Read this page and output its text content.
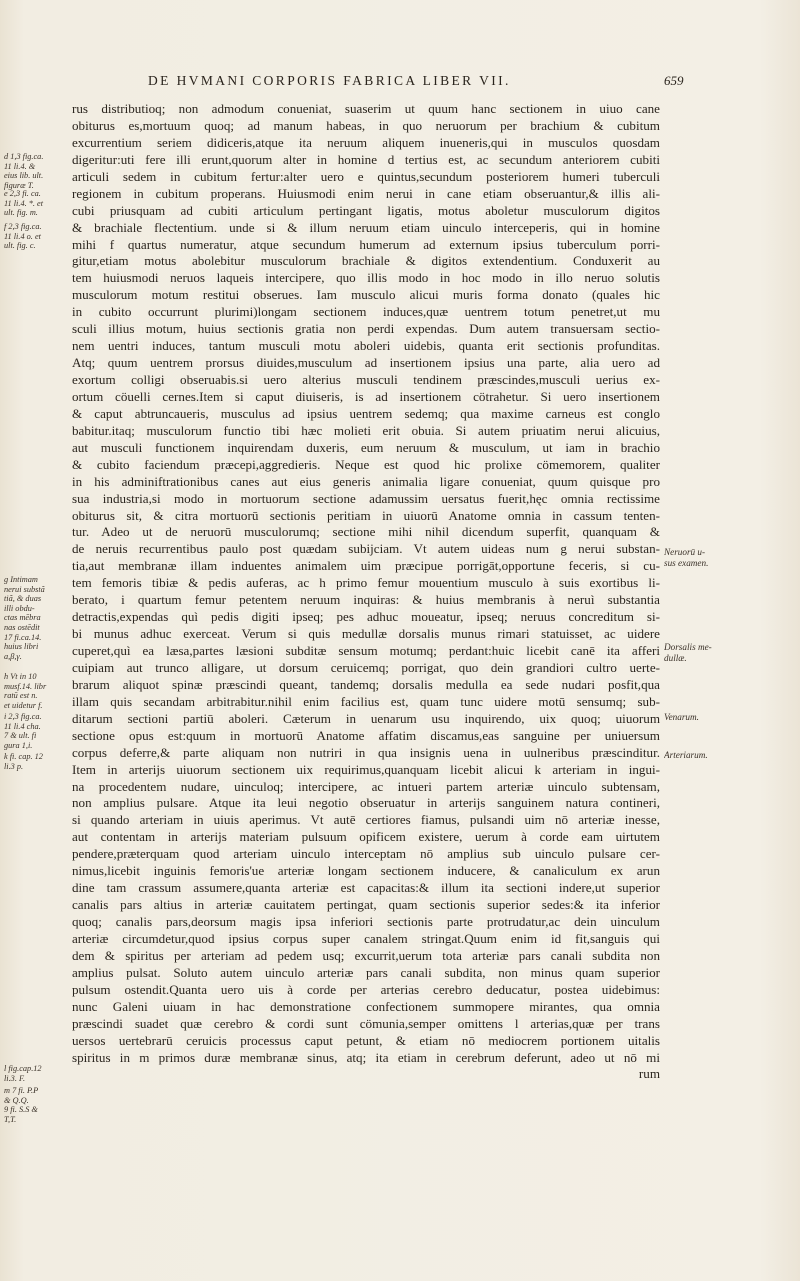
DE HVMANI CORPORIS FABRICA LIBER VII.	659
rus distributioq; non admodum conueniat, suaserim ut quum hanc sectionem in uiuo cane
obiturus es,mortuum quoq; ad manum habeas, in quo neruorum per brachium & cubitum
excurrentium seriem didiceris,atque ita neruum aliquem inueneris,qui in musculos quosdam
digeritur:uti fere illi erunt,quorum alter in homine d tertius est, ac secundum anteriorem cubiti
articuli sedem in cubitum fertur:alter uero e quintus,secundum posteriorem humeri tuberculi
regionem in cubitum properans. Huiusmodi enim nerui in cane etiam obseruantur,& illis ali-
cubi priusquam ad cubiti articulum pertingant ligatis, motus aboletur musculorum digitos
& brachiale flectentium. unde si & illum neruum etiam uinculo interceperis, qui in homine
mihi f quartus numeratur, atque secundum humerum ad externum ipsius tuberculum porri-
gitur,etiam motus abolebitur musculorum brachiale & digitos extendentium. Conduxerit au
tem huiusmodi neruos laqueis intercipere, quo illis modo in hoc modo in illo neruo solutis
musculorum motum restitui obserues. Iam musculo alicui muris forma donato (quales hic
in cubito occurrunt plurimi)longam sectionem induces,quæ uentrem totum penetret,ut mu
sculi illius motum, huius sectionis gratia non perdi expendas. Dum autem transuersam sectio-
nem uentri induces, tantum musculi motu aboleri uidebis, quanta erit sectionis profunditas.
Atq; quum uentrem prorsus diuides,musculum ad insertionem ipsius una parte, alia uero ad
exortum colligi obseruabis.si uero alterius musculi tendinem præscindes,musculi uerius ex-
ortum cöuelli cernes.Item si caput diuiseris, is ad insertionem cötrahetur. Si uero insertionem
& caput abtruncaueris, musculus ad ipsius uentrem sedemq; qua maxime carneus est conglo
babitur.itaq; musculorum functio tibi hæc molieti erit obuia. Si autem priuatim nerui alicuius,
aut musculi functionem inquirendam duxeris, eum neruum & musculum, ut iam in brachio
& cubito faciendum præcepi,aggredieris. Neque est quod hic prolixe cömemorem, qualiter
in his adminiftrationibus canes aut eius generis animalia ligare conueniat, quum quisque pro
sua industria,si modo in mortuorum sectione adamussim uersatus fuerit,hęc omnia rectissime
obiturus sit, & citra mortuorū sectionis peritiam in uiuorū Anatome omnia in cassum tenten-
tur. Adeo ut de neruorū musculorumq; sectione mihi nihil dicendum superfit, quanquam &
de neruis recurrentibus paulo post quædam subijciam. Vt autem uideas num g nerui substan-
tia,aut membranæ illam induentes animalem uim præcipue porrigāt,opportune feceris, si cu-
tem femoris tibiæ & pedis auferas, ac h primo femur mouentium musculo à suis exortibus li-
berato, i quartum femur petentem neruum inquiras: & huius membranis à neruì substantia
detractis,expendas quì pedis digiti ipseq; pes adhuc moueatur, ipseq; neruus concreditum si-
bi munus adhuc exerceat. Verum si quis medullæ dorsalis munus rimari statuisset, ac uidere
cuperet,quì ea læsa,partes læsioni subditæ sensum motumq; perdant:huic licebit canē ita afferi
cuipiam aut trunco alligare, ut dorsum ceruicemq; porrigat, quo dein grandiori cultro uerte-
brarum aliquot spinæ præscindi queant, tandemq; dorsalis medulla ea sede nudari posfit,qua
illam quis secandam arbitrabitur.nihil enim facilius est, quam tunc uidere motū sensumq; sub-
ditarum sectioni partiū aboleri. Cæterum in uenarum usu inquirendo, uix quoq; uiuorum
sectione opus est:quum in mortuorū Anatome affatim discamus,eas sanguine per uniuersum
corpus deferre,& parte aliquam non nutriri in qua insignis uena in uulneribus præscinditur.
Item in arterijs uiuorum sectionem uix requirimus,quanquam licebit alicui k arteriam in ingui-
na procedentem nudare, uinculoq; intercipere, ac intueri partem arteriæ uinculo subtensam,
non amplius pulsare. Atque ita leui negotio obseruatur in arterijs sanguinem natura contineri,
si quando arteriam in uiuis aperimus. Vt autē certiores fiamus, pulsandi uim nō arteriæ inesse,
aut contentam in arterijs materiam pulsuum opificem existere, uerum à corde eam uirtutem
pendere,præterquam quod arteriam uinculo interceptam nō amplius sub uinculo pulsare cer-
nimus,licebit inguinis femoris'ue arteriæ longam sectionem inducere, & canaliculum ex arun
dine tam crassum assumere,quanta arteriæ est capacitas:& illum ita sectioni indere,ut superior
canalis pars altius in arteriæ cauitatem pertingat, quam sectionis superior sedes:& ita inferior
quoq; canalis pars,deorsum magis ipsa inferiori sectionis parte protrudatur,ac dein uinculum
arteriæ circumdetur,quod ipsius corpus super canalem stringat.Quum enim id fit,sanguis qui
dem & spiritus per arteriam ad pedem usq; excurrit,uerum tota arteriæ pars canali subdita non
amplius pulsat. Soluto autem uinculo arteriæ pars canali subdita, non minus quam superior
pulsum ostendit.Quanta uero uis à corde per arterias cerebro deducatur, postea uidebimus:
nunc Galeni uiuam in hac demonstratione confectionem summopere mirantes, qua omnia
præscindi suadet quæ cerebro & cordi sunt cömunia,semper omittens l arterias,quæ per trans
uersos uertebrarū ceruicis processus caput petunt, & etiam nō mediocrem portionem uitalis
spiritus in m primos duræ membranæ sinus, atq; ita etiam in cerebrum deferunt, adeo ut nō mi
rum
d 1,3 fig.ca.
11 li.4. &
eius lib. ult.
figuræ T.
e 2,3 fi. ca.
11 li.4. *. et
ult. fig. m.
f 2,3 fig.ca.
11 li.4 o. et
ult. fig. c.
g Intimam
nerui substã
tiã, & duas
illi obdu-
ctas mēbra
nas ostēdit
17 fi.ca.14.
huius libri
a,β,γ.
h Vt in 10
musf.14. libr
ratū est n.
et uidetur f.
i 2,3 fig.ca.
11 li.4 cha.
7 & ult. fi
gura 1,i.
k fi. cap. 12
li.3 p.
l fig.cap.12
li.3. F.
m 7 fi. P.P
& Q.Q.
9 fi. S.S &
T,T.
Neruorū u-
sus examen.
Dorsalis me-
dullæ.
Venarum.
Arteriarum.
